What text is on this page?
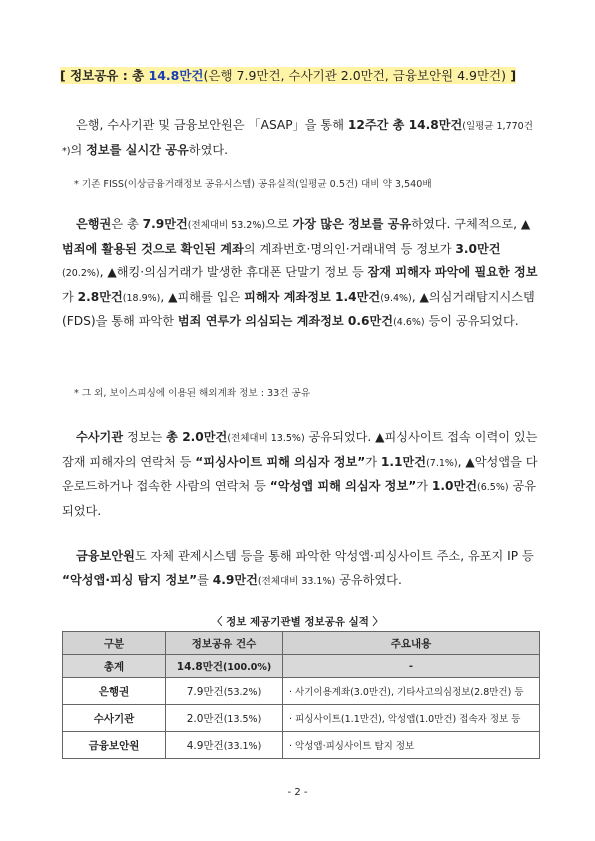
[ 정보공유 : 총 14.8만건(은행 7.9만건, 수사기관 2.0만건, 금융보안원 4.9만건) ]
은행, 수사기관 및 금융보안원은 「ASAP」을 통해 12주간 총 14.8만건(일평균 1,770건*)의 정보를 실시간 공유하였다.
* 기존 FISS(이상금융거래정보 공유시스템) 공유실적(일평균 0.5건) 대비 약 3,540배
은행권은 총 7.9만건(전체대비 53.2%)으로 가장 많은 정보를 공유하였다. 구체적으로, ▲범죄에 활용된 것으로 확인된 계좌의 계좌번호·명의인·거래내역 등 정보가 3.0만건(20.2%), ▲해킹·의심거래가 발생한 휴대폰 단말기 정보 등 잠재 피해자 파악에 필요한 정보가 2.8만건(18.9%), ▲피해를 입은 피해자 계좌정보 1.4만건(9.4%), ▲의심거래탐지시스템(FDS)을 통해 파악한 범죄 연루가 의심되는 계좌정보 0.6만건(4.6%) 등이 공유되었다.
* 그 외, 보이스피싱에 이용된 해외계좌 정보 : 33건 공유
수사기관 정보는 총 2.0만건(전체대비 13.5%) 공유되었다. ▲피싱사이트 접속 이력이 있는 잠재 피해자의 연락처 등 “피싱사이트 피해 의심자 정보”가 1.1만건(7.1%), ▲악성앱을 다운로드하거나 접속한 사람의 연락처 등 “악성앱 피해 의심자 정보”가 1.0만건(6.5%) 공유되었다.
금융보안원도 자체 관제시스템 등을 통해 파악한 악성앱·피싱사이트 주소, 유포지 IP 등 “악성앱·피싱 탐지 정보”를 4.9만건(전체대비 33.1%) 공유하였다.
〈 정보 제공기관별 정보공유 실적 〉
구분	정보공유 건수	주요내용
총계	14.8만건(100.0%)	-
은행권	7.9만건(53.2%)	· 사기이용계좌(3.0만건), 기타사고의심정보(2.8만건) 등
수사기관	2.0만건(13.5%)	· 피싱사이트(1.1만건), 악성앱(1.0만건) 접속자 정보 등
금융보안원	4.9만건(33.1%)	· 악성앱·피싱사이트 탐지 정보
- 2 -
